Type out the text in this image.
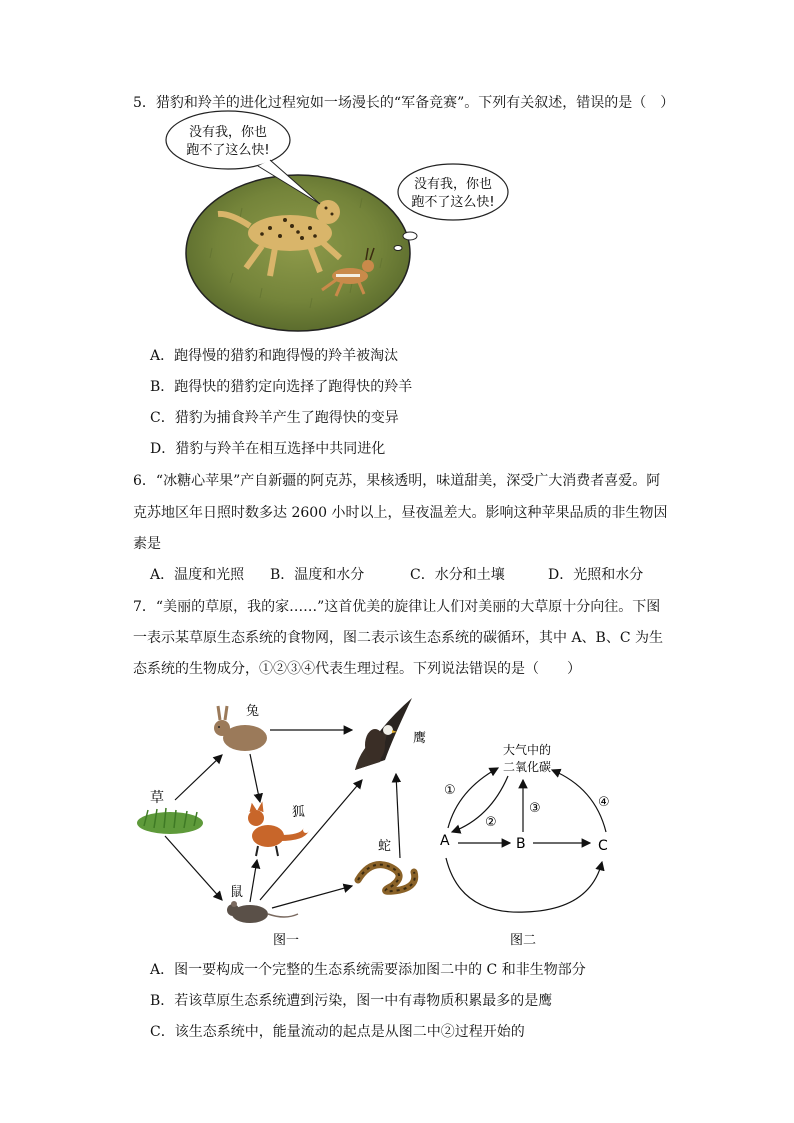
5．猎豹和羚羊的进化过程宛如一场漫长的“军备竞赛”。下列有关叙述，错误的是（　）
没有我，你也
跑不了这么快!
没有我，你也
跑不了这么快!
A．跑得慢的猎豹和跑得慢的羚羊被淘汰
B．跑得快的猎豹定向选择了跑得快的羚羊
C．猎豹为捕食羚羊产生了跑得快的变异
D．猎豹与羚羊在相互选择中共同进化
6．“冰糖心苹果”产自新疆的阿克苏，果核透明，味道甜美，深受广大消费者喜爱。阿
克苏地区年日照时数多达 2600 小时以上，昼夜温差大。影响这种苹果品质的非生物因
素是
A．温度和光照 B．温度和水分	C．水分和土壤	D．光照和水分
7．“美丽的草原，我的家……”这首优美的旋律让人们对美丽的大草原十分向往。下图
一表示某草原生态系统的食物网，图二表示该生态系统的碳循环，其中 A、B、C 为生
态系统的生物成分，①②③④代表生理过程。下列说法错误的是（　　）
草
兔
鹰
狐
蛇
鼠
图一
大气中的
二氧化碳
A	B	C
①
②
③	④
图二
A．图一要构成一个完整的生态系统需要添加图二中的 C 和非生物部分
B．若该草原生态系统遭到污染，图一中有毒物质积累最多的是鹰
C．该生态系统中，能量流动的起点是从图二中②过程开始的
